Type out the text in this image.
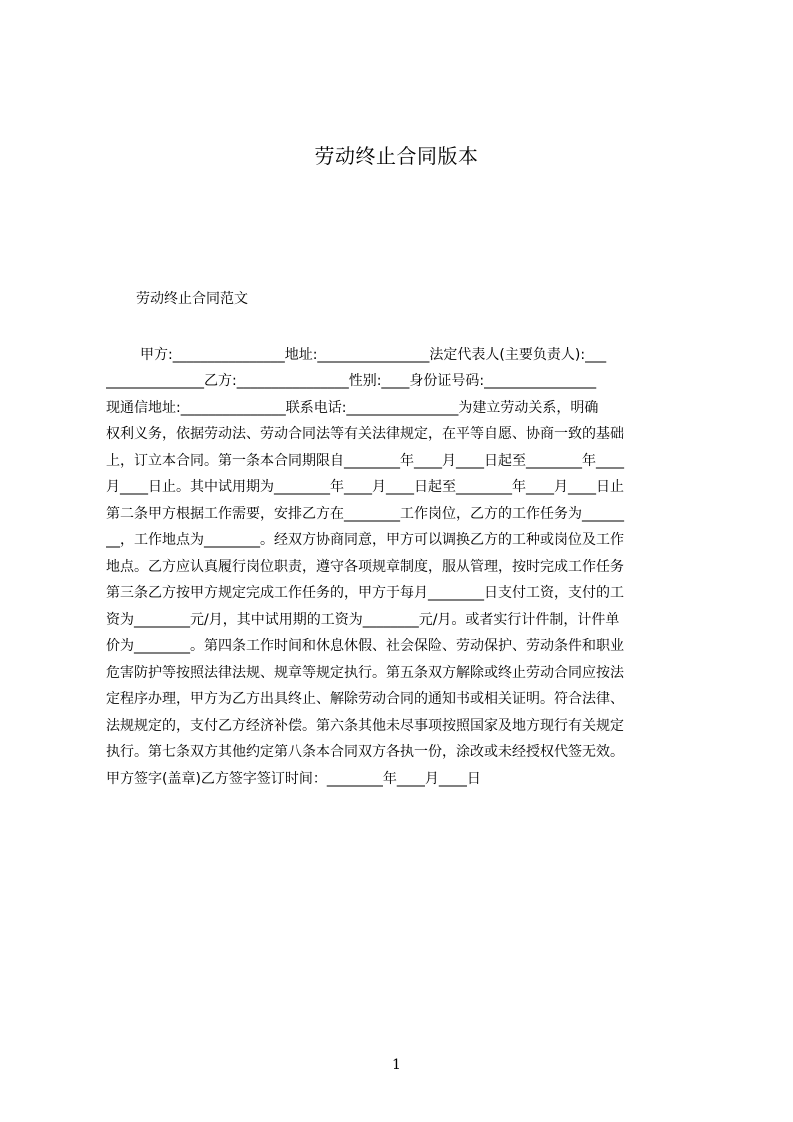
劳动终止合同版本
劳动终止合同范文
甲方:________________地址:________________法定代表人(主要负责人):___
______________乙方:________________性别:____身份证号码:________________
现通信地址:_______________联系电话:________________为建立劳动关系，明确
权利义务，依据劳动法、劳动合同法等有关法律规定，在平等自愿、协商一致的基础
上，订立本合同。第一条本合同期限自________年____月____日起至________年____
月____日止。其中试用期为________年____月____日起至________年____月____日止
第二条甲方根据工作需要，安排乙方在________工作岗位，乙方的工作任务为______
__，工作地点为________。经双方协商同意，甲方可以调换乙方的工种或岗位及工作
地点。乙方应认真履行岗位职责，遵守各项规章制度，服从管理，按时完成工作任务
第三条乙方按甲方规定完成工作任务的，甲方于每月________日支付工资，支付的工
资为________元/月，其中试用期的工资为________元/月。或者实行计件制，计件单
价为________。第四条工作时间和休息休假、社会保险、劳动保护、劳动条件和职业
危害防护等按照法律法规、规章等规定执行。第五条双方解除或终止劳动合同应按法
定程序办理，甲方为乙方出具终止、解除劳动合同的通知书或相关证明。符合法律、
法规规定的，支付乙方经济补偿。第六条其他未尽事项按照国家及地方现行有关规定
执行。第七条双方其他约定第八条本合同双方各执一份，涂改或未经授权代签无效。
甲方签字(盖章)乙方签字签订时间：________年____月____日
1
